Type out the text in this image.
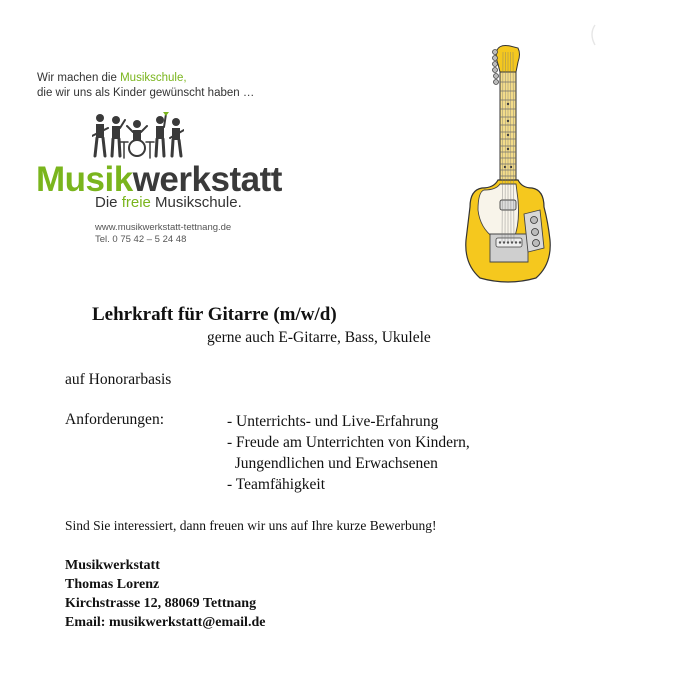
Wir machen die Musikschule,
die wir uns als Kinder gewünscht haben …
Musikwerkstatt
Die freie Musikschule.
www.musikwerkstatt-tettnang.de
Tel. 0 75 42 – 5 24 48
Lehrkraft für Gitarre (m/w/d)
gerne auch E-Gitarre, Bass, Ukulele
auf Honorarbasis
Anforderungen:	- Unterrichts- und Live-Erfahrung
- Freude am Unterrichten von Kindern,
Jungendlichen und Erwachsenen
- Teamfähigkeit
Sind Sie interessiert, dann freuen wir uns auf Ihre kurze Bewerbung!
Musikwerkstatt
Thomas Lorenz
Kirchstrasse 12, 88069 Tettnang
Email: musikwerkstatt@email.de
